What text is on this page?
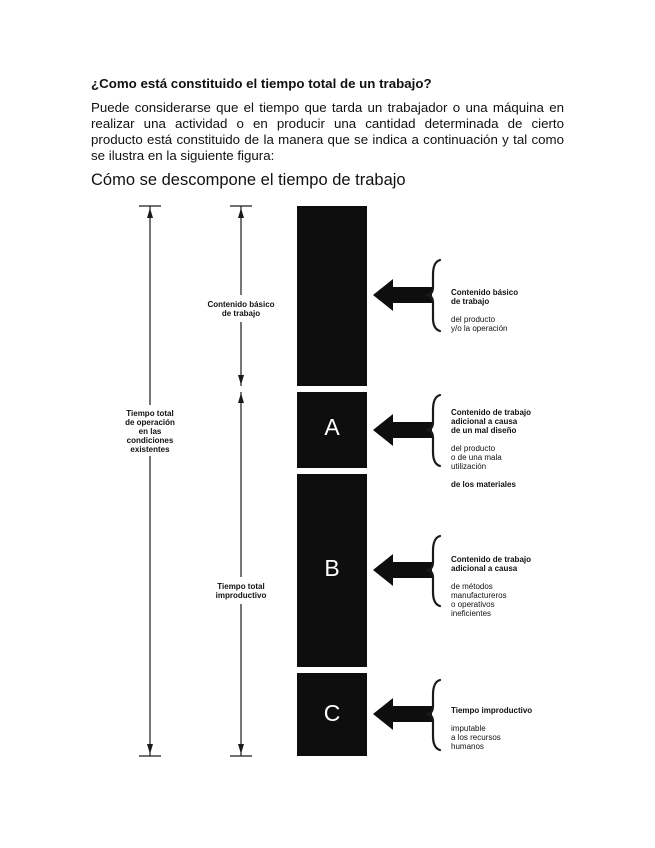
¿Como está constituido el tiempo total de un trabajo?

Puede considerarse que el tiempo que tarda un trabajador o una máquina en realizar una actividad o en producir una cantidad determinada de cierto producto está constituido de la manera que se indica a continuación y tal como se ilustra en la siguiente figura:

Cómo se descompone el tiempo de trabajo
Tiempo total
de operación
en las
condiciones
existentes
Contenido básico
de trabajo
Tiempo total
improductivo
A
B
C

Contenido básico
de trabajo

del producto
y/o la operación

Contenido de trabajo
adicional a causa
de un mal diseño

del producto
o de una mala
utilización

de los materiales

Contenido de trabajo
adicional a causa

de métodos
manufactureros
o operativos
ineficientes

Tiempo improductivo

imputable
a los recursos
humanos
